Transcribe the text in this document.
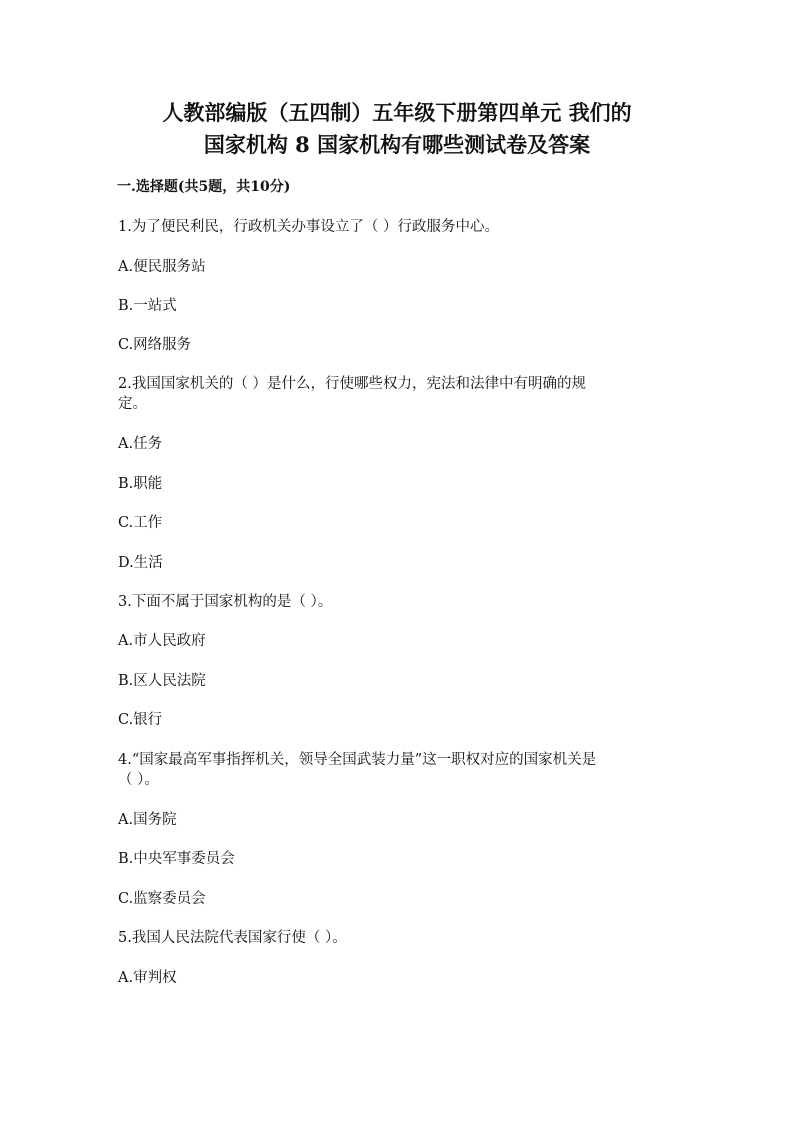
人教部编版（五四制）五年级下册第四单元 我们的
国家机构 8 国家机构有哪些测试卷及答案

一.选择题(共5题，共10分)

1.为了便民利民，行政机关办事设立了（ ）行政服务中心。

A.便民服务站

B.一站式

C.网络服务

2.我国国家机关的（ ）是什么，行使哪些权力，宪法和法律中有明确的规

定。

A.任务

B.职能

C.工作

D.生活

3.下面不属于国家机构的是（ ）。

A.市人民政府

B.区人民法院

C.银行

4.“国家最高军事指挥机关，领导全国武装力量”这一职权对应的国家机关是

（ ）。

A.国务院

B.中央军事委员会

C.监察委员会

5.我国人民法院代表国家行使（ ）。

A.审判权
